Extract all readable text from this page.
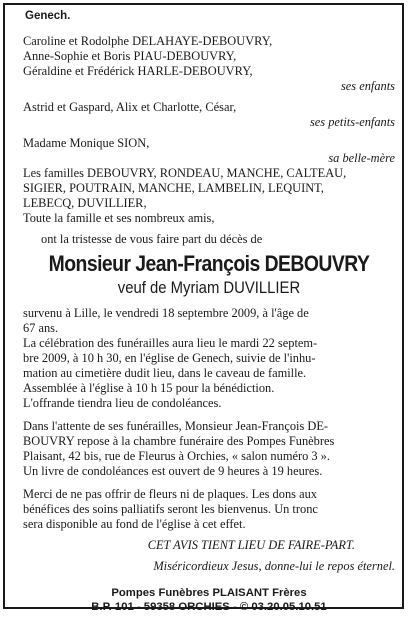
Genech.
Caroline et Rodolphe DELAHAYE-DEBOUVRY,
Anne-Sophie et Boris PIAU-DEBOUVRY,
Géraldine et Frédérick HARLE-DEBOUVRY,
ses enfants
Astrid et Gaspard, Alix et Charlotte, César,
ses petits-enfants
Madame Monique SION,
sa belle-mère
Les familles DEBOUVRY, RONDEAU, MANCHE, CALTEAU,
SIGIER, POUTRAIN, MANCHE, LAMBELIN, LEQUINT,
LEBECQ, DUVILLIER,
Toute la famille et ses nombreux amis,
ont la tristesse de vous faire part du décès de
Monsieur Jean-François DEBOUVRY
veuf de Myriam DUVILLIER
survenu à Lille, le vendredi 18 septembre 2009, à l'âge de
67 ans.
La célébration des funérailles aura lieu le mardi 22 septem-
bre 2009, à 10 h 30, en l'église de Genech, suivie de l'inhu-
mation au cimetière dudit lieu, dans le caveau de famille.
Assemblée à l'église à 10 h 15 pour la bénédiction.
L'offrande tiendra lieu de condoléances.
Dans l'attente de ses funérailles, Monsieur Jean-François DE-
BOUVRY repose à la chambre funéraire des Pompes Funèbres
Plaisant, 42 bis, rue de Fleurus à Orchies, « salon numéro 3 ».
Un livre de condoléances est ouvert de 9 heures à 19 heures.
Merci de ne pas offrir de fleurs ni de plaques. Les dons aux
bénéfices des soins palliatifs seront les bienvenus. Un tronc
sera disponible au fond de l'église à cet effet.
CET AVIS TIENT LIEU DE FAIRE-PART.
Miséricordieux Jesus, donne-lui le repos éternel.
Pompes Funèbres PLAISANT Frères
B.P. 101 - 59358 ORCHIES - © 03.20.05.10.51
